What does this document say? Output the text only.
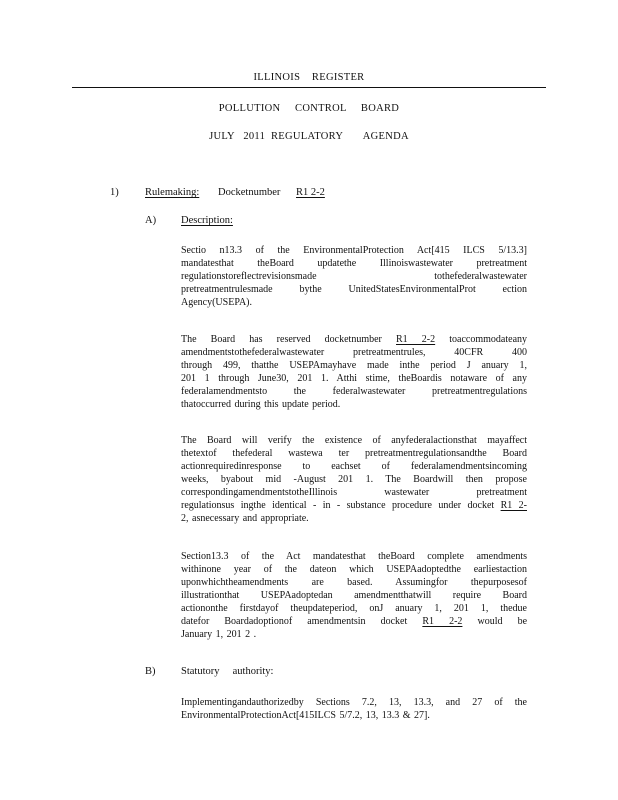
ILLINOIS    REGISTER
POLLUTION     CONTROL     BOARD
JULY   2011  REGULATORY       AGENDA
1)	Rulemaking: Docketnumber R1 2-2
A) Description:
Sectio n13.3 of the EnvironmentalProtection Act[415 ILCS 5/13.3]
mandatesthat theBoard updatethe Illinoiswastewater pretreatment
regulationstoreflectrevisionsmade tothefederalwastewater
pretreatmentrulesmade bythe UnitedStatesEnvironmentalProt ection
Agency(USEPA).
The Board has reserved docketnumber R1 2-2 toaccommodateany
amendmentstothefederalwastewater pretreatmentrules, 40CFR 400
through 499, thatthe USEPAmayhave made inthe period J anuary 1,
201 1 through June30, 201 1. Atthi stime, theBoardis notaware of any
federalamendmentsto the federalwastewater pretreatmentregulations
thatoccurred during this update period.
The Board will verify the existence of anyfederalactionsthat mayaffect
thetextof thefederal wastewa ter pretreatmentregulationsandthe Board
actionrequiredinresponse to eachset of federalamendmentsincoming
weeks, byabout mid -August 201 1. The Boardwill then propose
correspondingamendmentstotheIllinois wastewater pretreatment
regulationsus ingthe identical - in - substance procedure under docket R1 2-
2, asnecessary and appropriate.
Section13.3 of the Act mandatesthat theBoard complete amendments
withinone year of the dateon which USEPAadoptedthe earliestaction
uponwhichtheamendments are based. Assumingfor thepurposesof
illustrationthat USEPAadoptedan amendmentthatwill require Board
actiononthe firstdayof theupdateperiod, onJ anuary 1, 201 1, thedue
datefor Boardadoptionof amendmentsin docket R1 2-2 would be
January 1, 201 2 .
B) Statutory     authority:
Implementingandauthorizedby Sections 7.2, 13, 13.3, and 27 of the
EnvironmentalProtectionAct[415ILCS 5/7.2, 13, 13.3 & 27].
